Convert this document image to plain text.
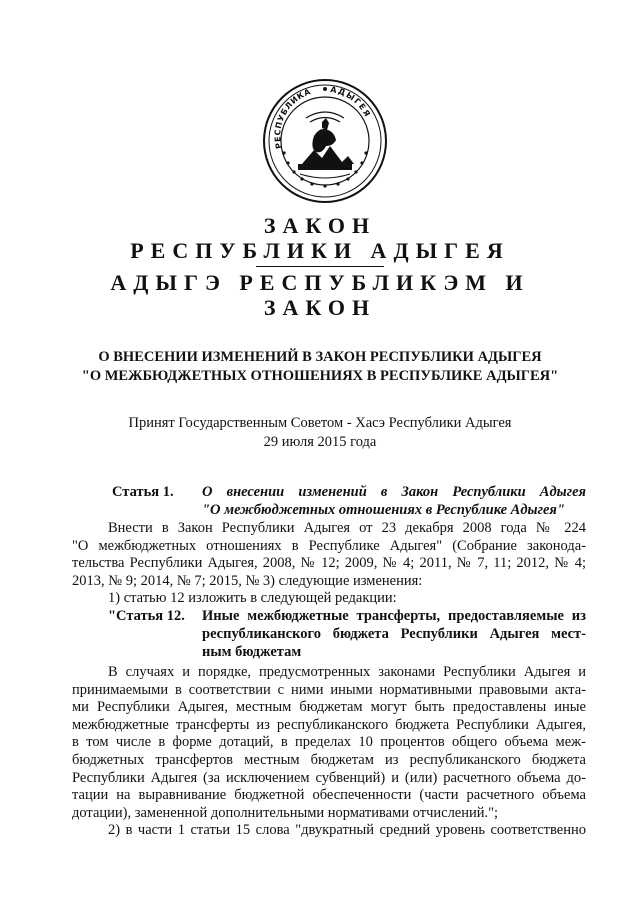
РЕСПУБЛИКА АДЫГЕЯ
ЗАКОН
РЕСПУБЛИКИ АДЫГЕЯ
АДЫГЭ РЕСПУБЛИКЭМ И
ЗАКОН
О ВНЕСЕНИИ ИЗМЕНЕНИЙ В ЗАКОН РЕСПУБЛИКИ АДЫГЕЯ
"О МЕЖБЮДЖЕТНЫХ ОТНОШЕНИЯХ В РЕСПУБЛИКЕ АДЫГЕЯ"
Принят Государственным Советом - Хасэ Республики Адыгея
29 июля 2015 года
Статья 1. О внесении изменений в Закон Республики Адыгея
"О межбюджетных отношениях в Республике Адыгея"
Внести в Закон Республики Адыгея от 23 декабря 2008 года № 224
"О межбюджетных отношениях в Республике Адыгея" (Собрание законода-
тельства Республики Адыгея, 2008, № 12; 2009, № 4; 2011, № 7, 11; 2012, № 4;
2013, № 9; 2014, № 7; 2015, № 3) следующие изменения:
1) статью 12 изложить в следующей редакции:
"Статья 12. Иные межбюджетные трансферты, предоставляемые из
республиканского бюджета Республики Адыгея мест-
ным бюджетам
В случаях и порядке, предусмотренных законами Республики Адыгея и
принимаемыми в соответствии с ними иными нормативными правовыми акта-
ми Республики Адыгея, местным бюджетам могут быть предоставлены иные
межбюджетные трансферты из республиканского бюджета Республики Адыгея,
в том числе в форме дотаций, в пределах 10 процентов общего объема меж-
бюджетных трансфертов местным бюджетам из республиканского бюджета
Республики Адыгея (за исключением субвенций) и (или) расчетного объема до-
тации на выравнивание бюджетной обеспеченности (части расчетного объема
дотации), замененной дополнительными нормативами отчислений.";
2) в части 1 статьи 15 слова "двукратный средний уровень соответственно
